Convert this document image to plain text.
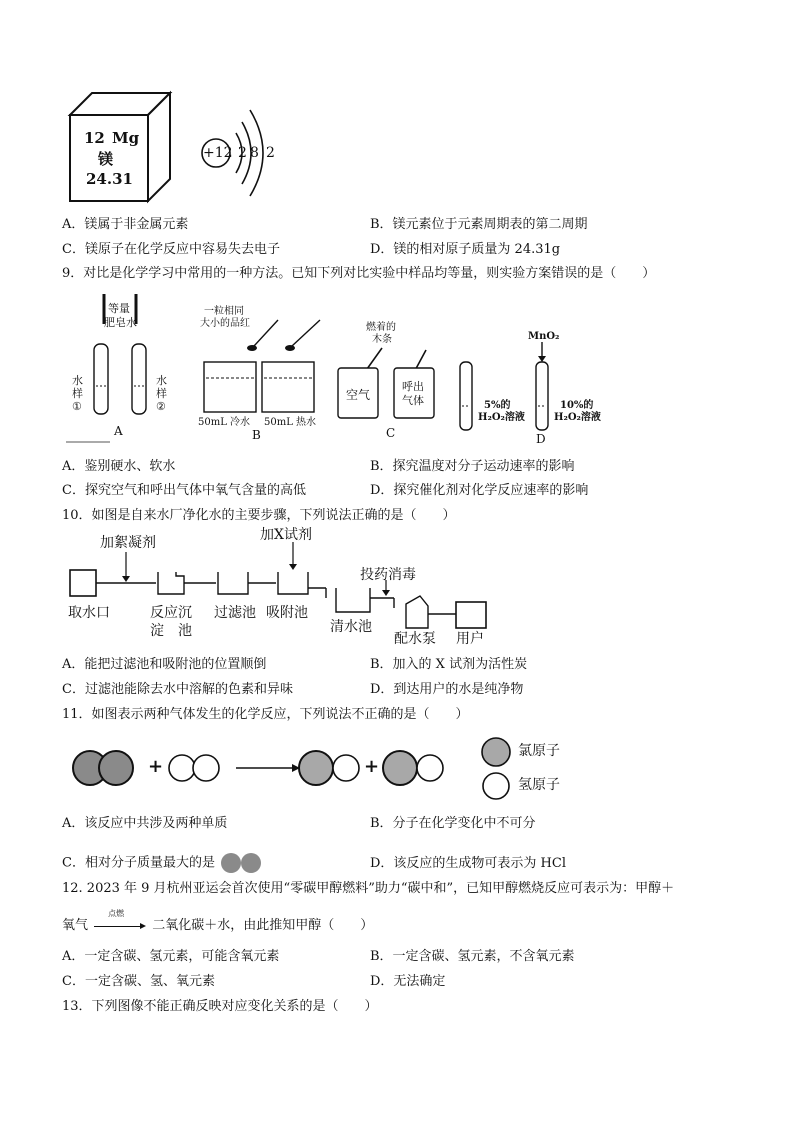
12 Mg
镁
24.31
+12 2 8 2
A．镁属于非金属元素	B．镁元素位于元素周期表的第二周期
C．镁原子在化学反应中容易失去电子	D．镁的相对原子质量为 24.31g
9．对比是化学学习中常用的一种方法。已知下列对比实验中样品均等量，则实验方案错误的是（　　）
等量
肥皂水
水
样
①
水
样
②
A
一粒相同
大小的品红
50mL 冷水 50mL 热水
B
燃着的
木条
空气
呼出
气体
C
MnO₂
5%的
H₂O₂溶液
10%的
H₂O₂溶液
D
A．鉴别硬水、软水	B．探究温度对分子运动速率的影响
C．探究空气和呼出气体中氧气含量的高低	D．探究催化剂对化学反应速率的影响
10．如图是自来水厂净化水的主要步骤，下列说法正确的是（　　）
加絮凝剂	加X试剂
投药消毒
取水口	反应沉
淀　池
过滤池 吸附池
清水池
配水泵 用户
A．能把过滤池和吸附池的位置顺倒	B．加入的 X 试剂为活性炭
C．过滤池能除去水中溶解的色素和异味	D．到达用户的水是纯净物
11．如图表示两种气体发生的化学反应，下列说法不正确的是（　　）
+	+
氯原子
氢原子
A．该反应中共涉及两种单质	B．分子在化学变化中不可分
C．相对分子质量最大的是	D．该反应的生成物可表示为 HCl
12. 2023 年 9 月杭州亚运会首次使用“零碳甲醇燃料”助力“碳中和”，已知甲醇燃烧反应可表示为：甲醇＋
氧气
点燃
二氧化碳＋水，由此推知甲醇（　　）
A．一定含碳、氢元素，可能含氧元素	B．一定含碳、氢元素，不含氧元素
C．一定含碳、氢、氧元素	D．无法确定
13．下列图像不能正确反映对应变化关系的是（　　）
